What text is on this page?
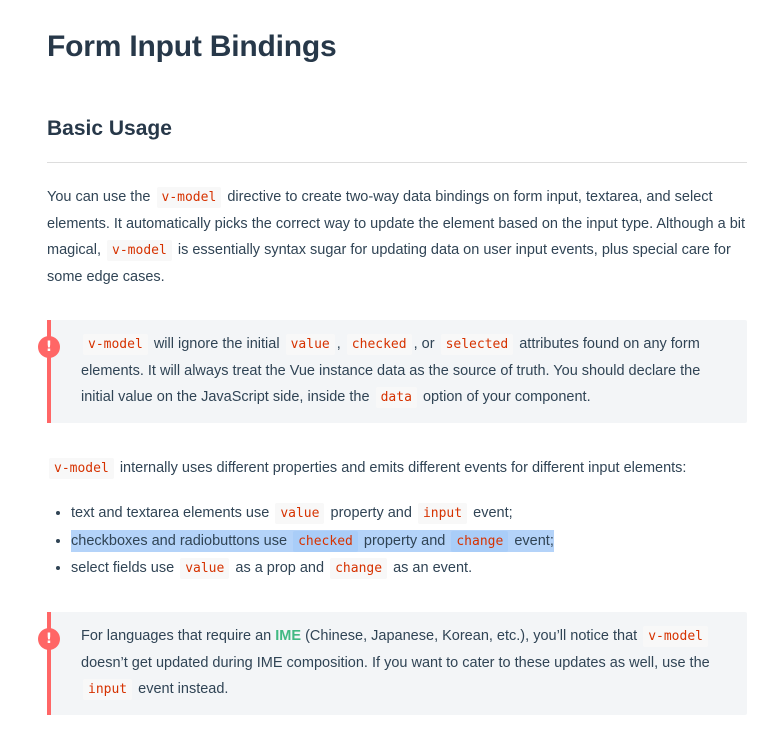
Form Input Bindings
Basic Usage

You can use the v-model directive to create two-way data bindings on form input, textarea, and select elements. It automatically picks the correct way to update the element based on the input type. Although a bit magical, v-model is essentially syntax sugar for updating data on user input events, plus special care for some edge cases.

!	v-model will ignore the initial value , checked , or selected attributes found on any form elements. It will always treat the Vue instance data as the source of truth. You should declare the initial value on the JavaScript side, inside the data option of your component.

v-model internally uses different properties and emits different events for different input elements:

• text and textarea elements use value property and input event;
• checkboxes and radiobuttons use checked property and change event;
• select fields use value as a prop and change as an event.
!	For languages that require an IME (Chinese, Japanese, Korean, etc.), you’ll notice that v-model doesn’t get updated during IME composition. If you want to cater to these updates as well, use the input event instead.
